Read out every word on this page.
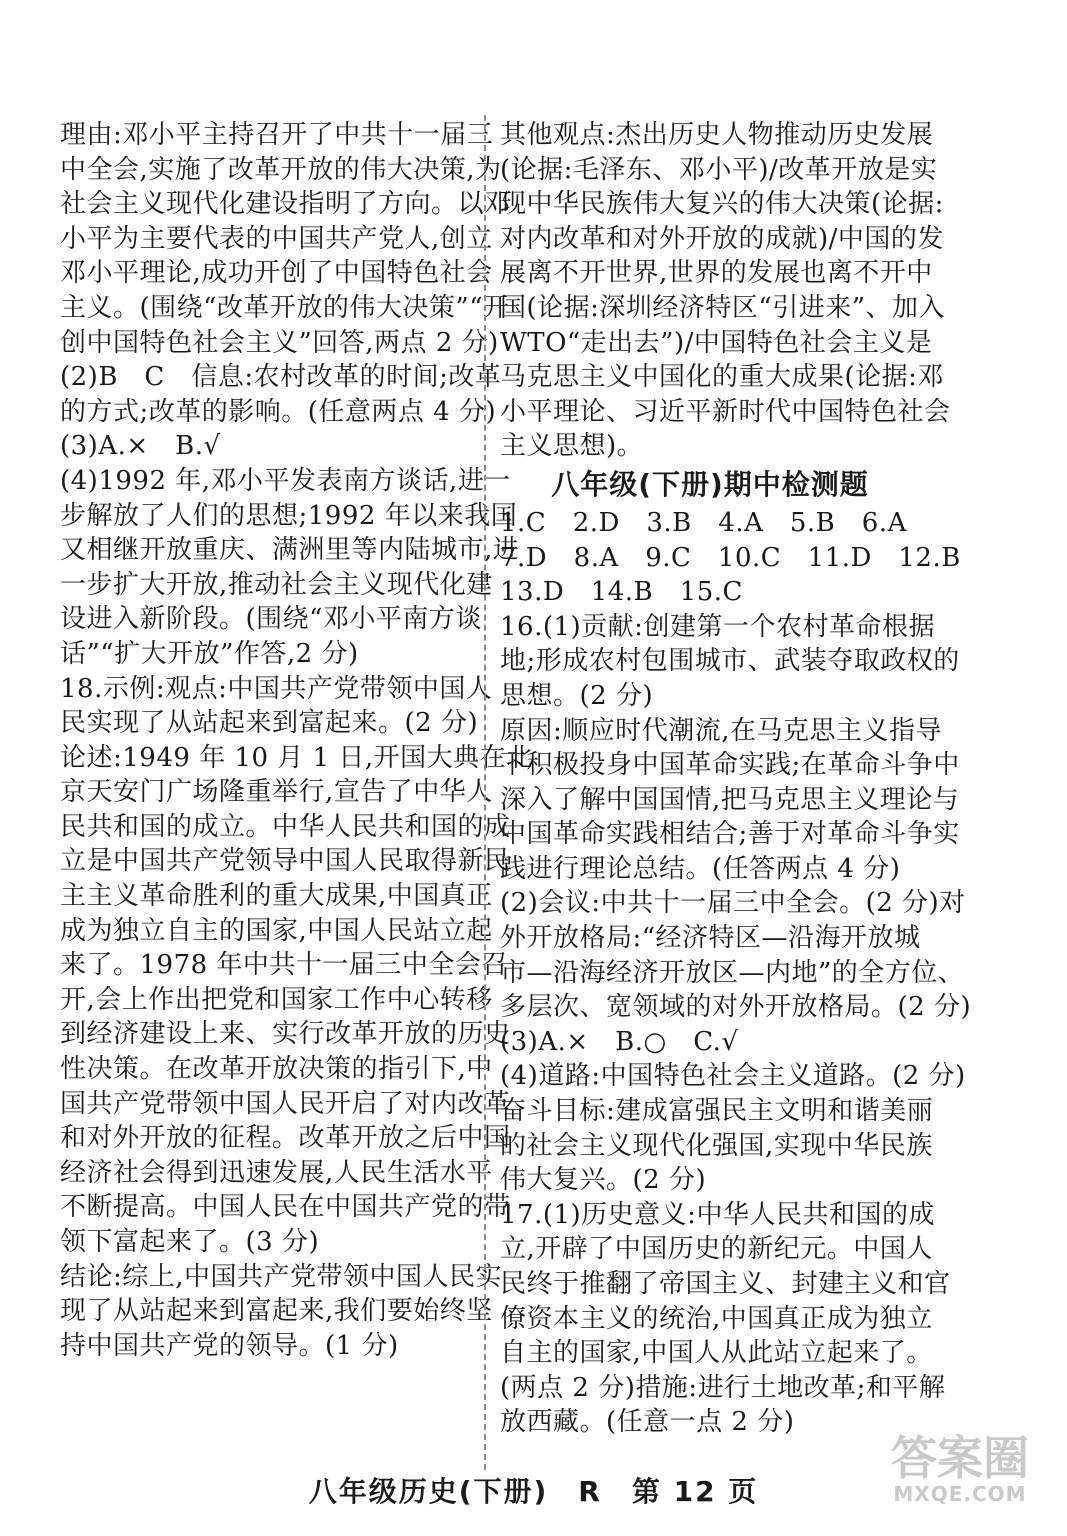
理由:邓小平主持召开了中共十一届三

中全会,实施了改革开放的伟大决策,为

社会主义现代化建设指明了方向。以邓

小平为主要代表的中国共产党人,创立

邓小平理论,成功开创了中国特色社会

主义。(围绕“改革开放的伟大决策”“开

创中国特色社会主义”回答,两点 2 分)

(2)B　C　信息:农村改革的时间;改革

的方式;改革的影响。(任意两点 4 分)

(3)A.×　B.√

(4)1992 年,邓小平发表南方谈话,进一

步解放了人们的思想;1992 年以来我国

又相继开放重庆、满洲里等内陆城市,进

一步扩大开放,推动社会主义现代化建

设进入新阶段。(围绕“邓小平南方谈

话”“扩大开放”作答,2 分)

18.示例:观点:中国共产党带领中国人

民实现了从站起来到富起来。(2 分)

论述:1949 年 10 月 1 日,开国大典在北

京天安门广场隆重举行,宣告了中华人

民共和国的成立。中华人民共和国的成

立是中国共产党领导中国人民取得新民

主主义革命胜利的重大成果,中国真正

成为独立自主的国家,中国人民站立起

来了。1978 年中共十一届三中全会召

开,会上作出把党和国家工作中心转移

到经济建设上来、实行改革开放的历史

性决策。在改革开放决策的指引下,中

国共产党带领中国人民开启了对内改革

和对外开放的征程。改革开放之后中国

经济社会得到迅速发展,人民生活水平

不断提高。中国人民在中国共产党的带

领下富起来了。(3 分)

结论:综上,中国共产党带领中国人民实

现了从站起来到富起来,我们要始终坚

持中国共产党的领导。(1 分)

其他观点:杰出历史人物推动历史发展

(论据:毛泽东、邓小平)/改革开放是实

现中华民族伟大复兴的伟大决策(论据:

对内改革和对外开放的成就)/中国的发

展离不开世界,世界的发展也离不开中

国(论据:深圳经济特区“引进来”、加入

WTO“走出去”)/中国特色社会主义是

马克思主义中国化的重大成果(论据:邓

小平理论、习近平新时代中国特色社会

主义思想)。

八年级(下册)期中检测题

1.C　2.D　3.B　4.A　5.B　6.A

7.D　8.A　9.C　10.C　11.D　12.B

13.D　14.B　15.C

16.(1)贡献:创建第一个农村革命根据

地;形成农村包围城市、武装夺取政权的

思想。(2 分)

原因:顺应时代潮流,在马克思主义指导

下积极投身中国革命实践;在革命斗争中

深入了解中国国情,把马克思主义理论与

中国革命实践相结合;善于对革命斗争实

践进行理论总结。(任答两点 4 分)

(2)会议:中共十一届三中全会。(2 分)对

外开放格局:“经济特区—沿海开放城

市—沿海经济开放区—内地”的全方位、

多层次、宽领域的对外开放格局。(2 分)

(3)A.×　B.○　C.√

(4)道路:中国特色社会主义道路。(2 分)

奋斗目标:建成富强民主文明和谐美丽

的社会主义现代化强国,实现中华民族

伟大复兴。(2 分)

17.(1)历史意义:中华人民共和国的成

立,开辟了中国历史的新纪元。中国人

民终于推翻了帝国主义、封建主义和官

僚资本主义的统治,中国真正成为独立

自主的国家,中国人从此站立起来了。

(两点 2 分)措施:进行土地改革;和平解

放西藏。(任意一点 2 分)

八年级历史(下册)　R　第 12 页
答案圈
MXQE.COM
